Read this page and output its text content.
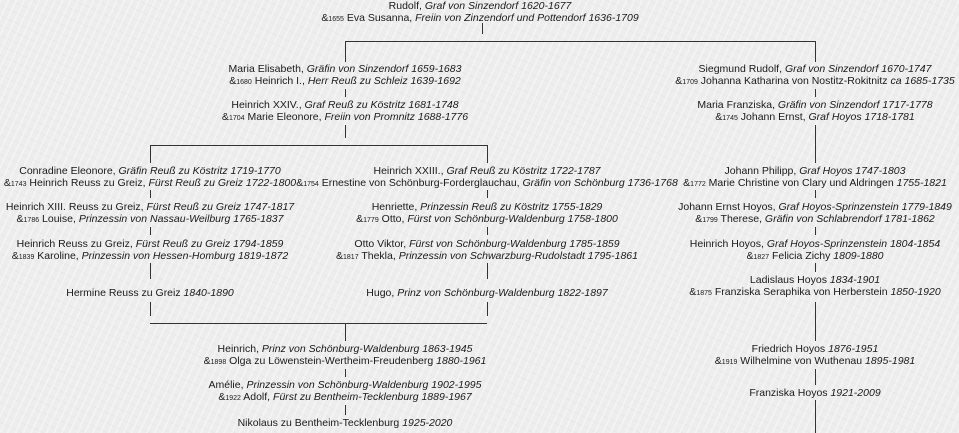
Rudolf, Graf von Sinzendorf 1620-1677
&1655 Eva Susanna, Freiin von Zinzendorf und Pottendorf 1636-1709
Maria Elisabeth, Gräfin von Sinzendorf 1659-1683
&1680 Heinrich I., Herr Reuß zu Schleiz 1639-1692
Siegmund Rudolf, Graf von Sinzendorf 1670-1747
&1709 Johanna Katharina von Nostitz-Rokitnitz ca 1685-1735
Heinrich XXIV., Graf Reuß zu Köstritz 1681-1748
&1704 Marie Eleonore, Freiin von Promnitz 1688-1776
Maria Franziska, Gräfin von Sinzendorf 1717-1778
&1745 Johann Ernst, Graf Hoyos 1718-1781
Conradine Eleonore, Gräfin Reuß zu Köstritz 1719-1770
&1743 Heinrich Reuss zu Greiz, Fürst Reuß zu Greiz 1722-1800
Heinrich XXIII., Graf Reuß zu Köstritz 1722-1787
&1754 Ernestine von Schönburg-Forderglauchau, Gräfin von Schönburg 1736-1768
Johann Philipp, Graf Hoyos 1747-1803
&1772 Marie Christine von Clary und Aldringen 1755-1821
Heinrich XIII. Reuss zu Greiz, Fürst Reuß zu Greiz 1747-1817
&1786 Louise, Prinzessin von Nassau-Weilburg 1765-1837
Henriette, Prinzessin Reuß zu Köstritz 1755-1829
&1779 Otto, Fürst von Schönburg-Waldenburg 1758-1800
Johann Ernst Hoyos, Graf Hoyos-Sprinzenstein 1779-1849
&1799 Therese, Gräfin von Schlabrendorf 1781-1862
Heinrich Reuss zu Greiz, Fürst Reuß zu Greiz 1794-1859
&1839 Karoline, Prinzessin von Hessen-Homburg 1819-1872
Otto Viktor, Fürst von Schönburg-Waldenburg 1785-1859
&1817 Thekla, Prinzessin von Schwarzburg-Rudolstadt 1795-1861
Heinrich Hoyos, Graf Hoyos-Sprinzenstein 1804-1854
&1827 Felicia Zichy 1809-1880
Hermine Reuss zu Greiz 1840-1890	Hugo, Prinz von Schönburg-Waldenburg 1822-1897
Ladislaus Hoyos 1834-1901
&1875 Franziska Seraphika von Herberstein 1850-1920
Heinrich, Prinz von Schönburg-Waldenburg 1863-1945
&1898 Olga zu Löwenstein-Wertheim-Freudenberg 1880-1961
Friedrich Hoyos 1876-1951
&1919 Wilhelmine von Wuthenau 1895-1981
Amélie, Prinzessin von Schönburg-Waldenburg 1902-1995
&1922 Adolf, Fürst zu Bentheim-Tecklenburg 1889-1967	Franziska Hoyos 1921-2009
Nikolaus zu Bentheim-Tecklenburg 1925-2020
